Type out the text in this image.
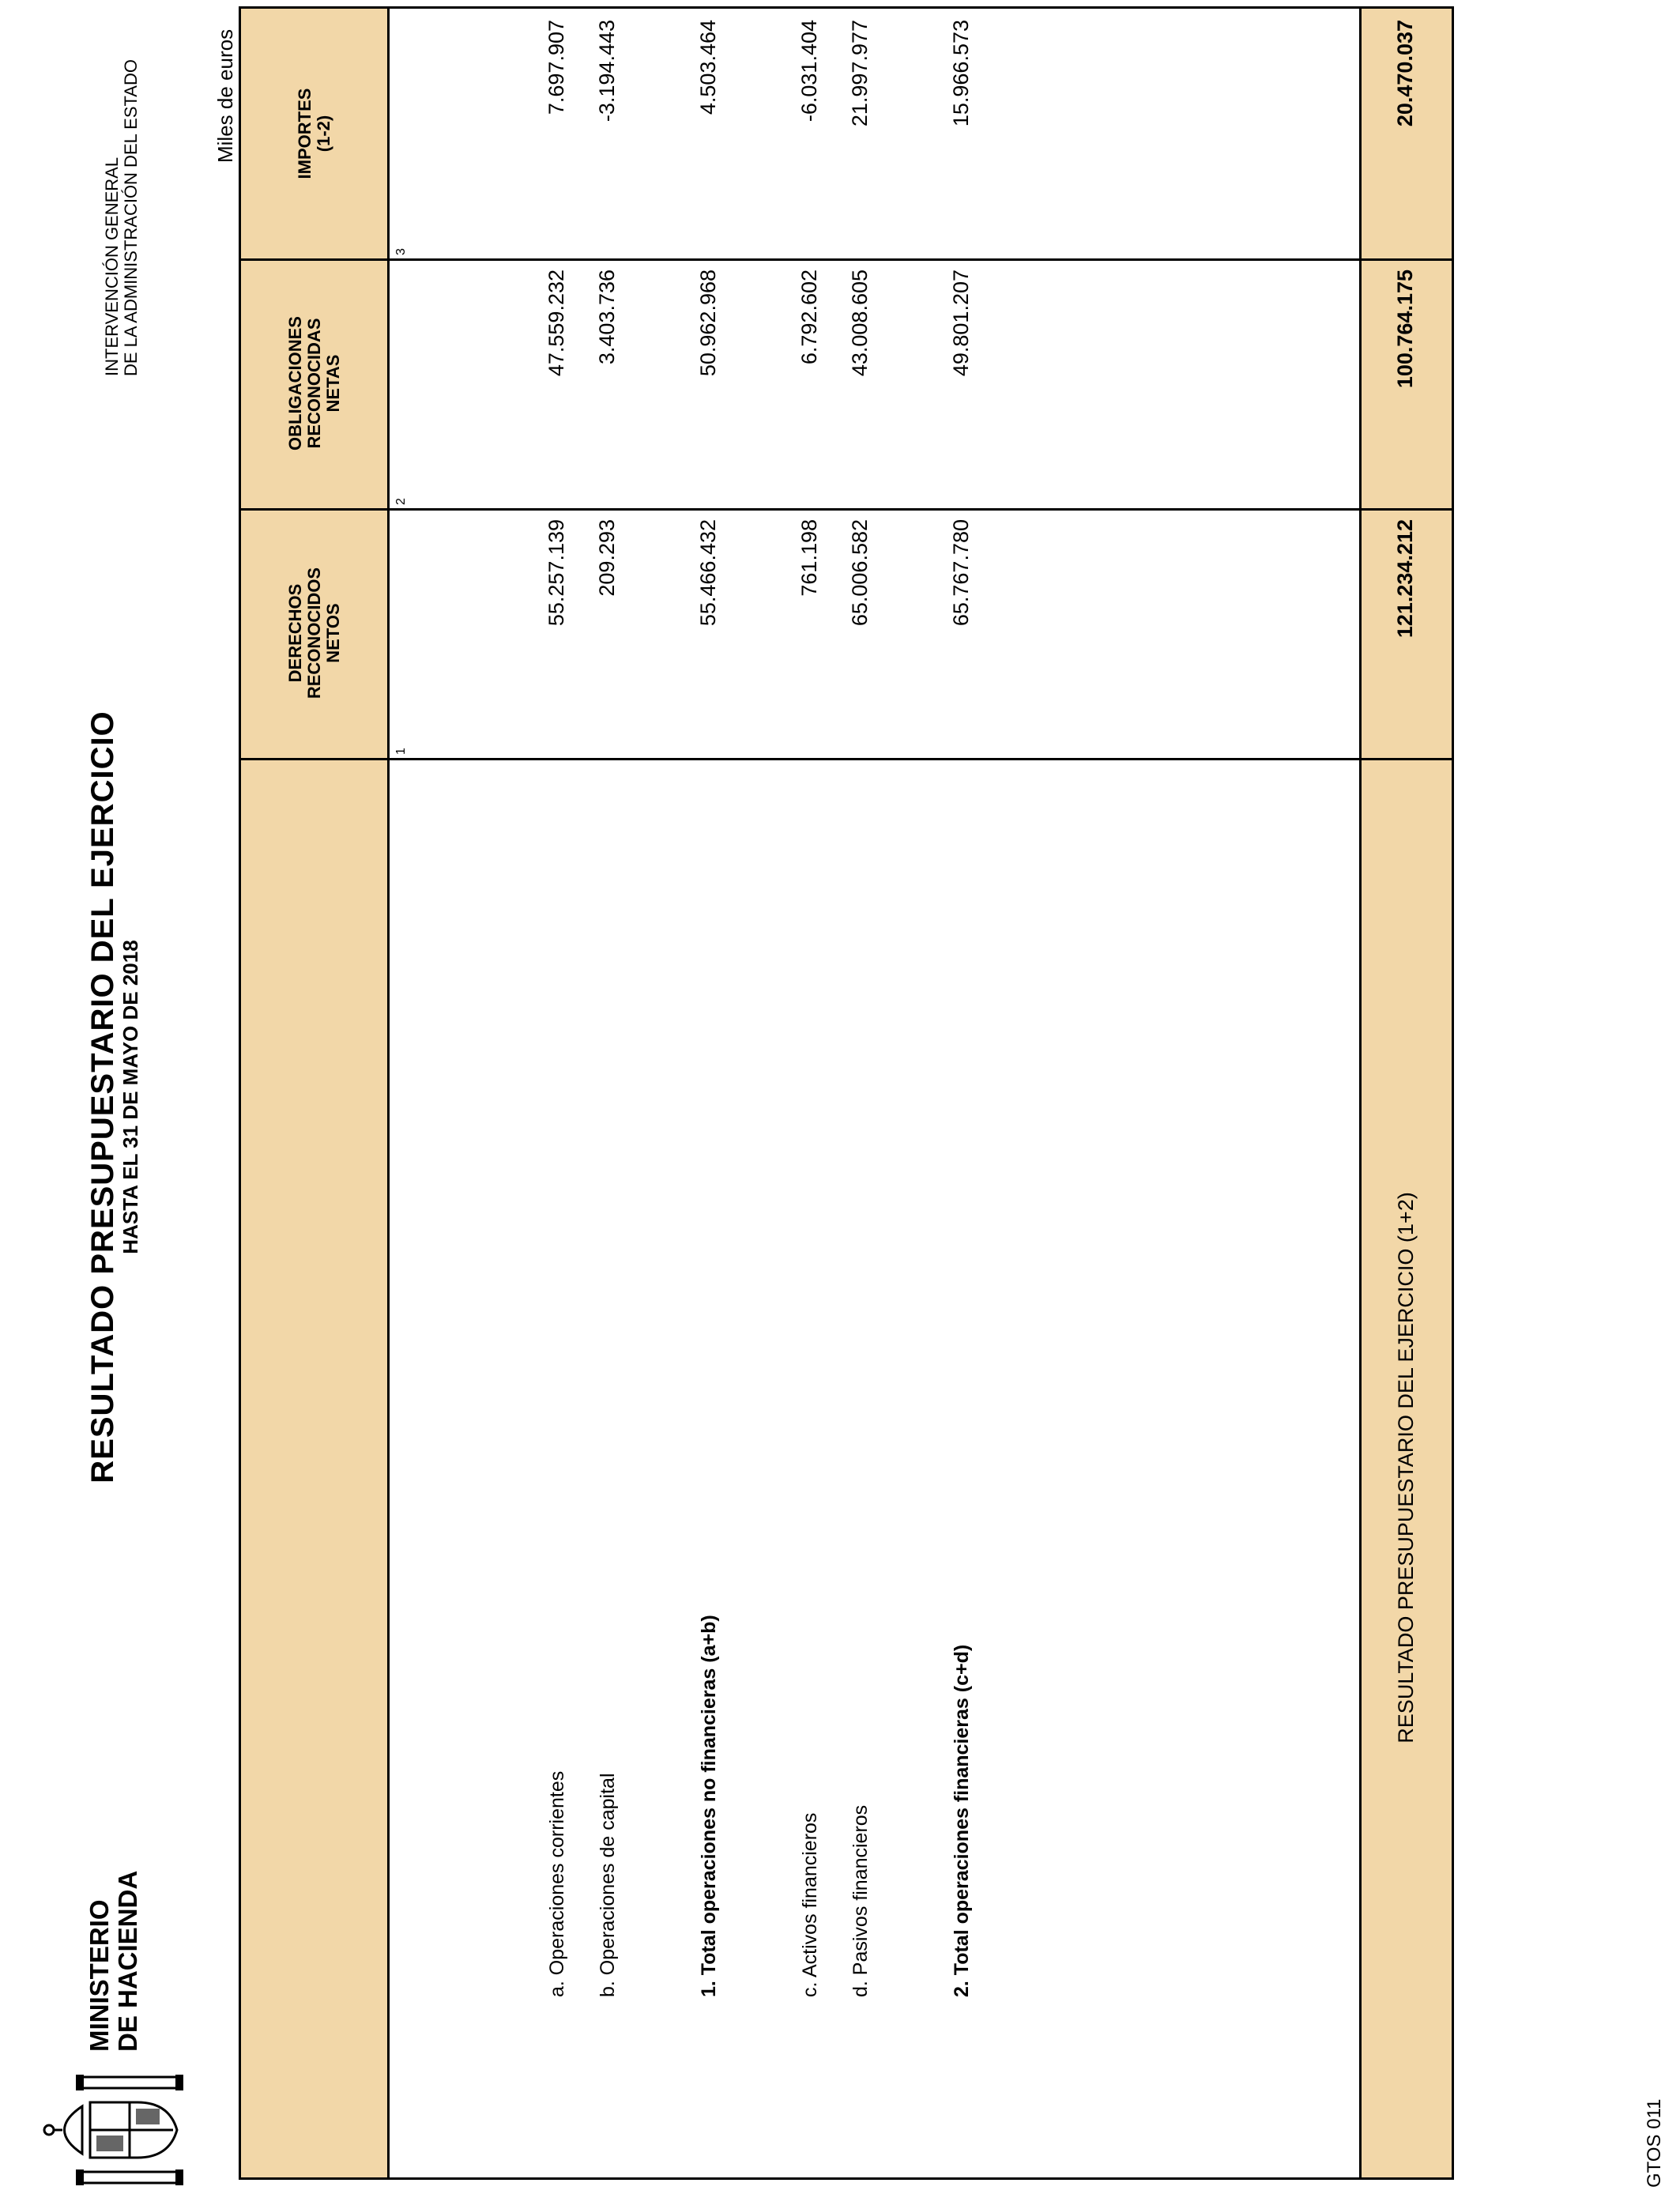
MINISTERIO DE HACIENDA
RESULTADO PRESUPUESTARIO DEL EJERCICIO
HASTA EL 31 DE MAYO DE 2018
INTERVENCIÓN GENERAL DE LA ADMINISTRACIÓN DEL ESTADO	Miles de euros
DERECHOS
RECONOCIDOS
NETOS
OBLIGACIONES
RECONOCIDAS
NETAS
IMPORTES
(1-2)
1
2
3
RESULTADO PRESUPUESTARIO DEL EJERCICIO (1+2)
121.234.212
100.764.175
20.470.037
a. Operaciones corrientes
55.257.139
47.559.232
7.697.907
b. Operaciones de capital
209.293
3.403.736
-3.194.443
1. Total operaciones no financieras (a+b)
55.466.432
50.962.968
4.503.464
c. Activos financieros
761.198
6.792.602
-6.031.404
d. Pasivos financieros
65.006.582
43.008.605
21.997.977
2. Total operaciones financieras (c+d)
65.767.780
49.801.207
15.966.573
GTOS 011
